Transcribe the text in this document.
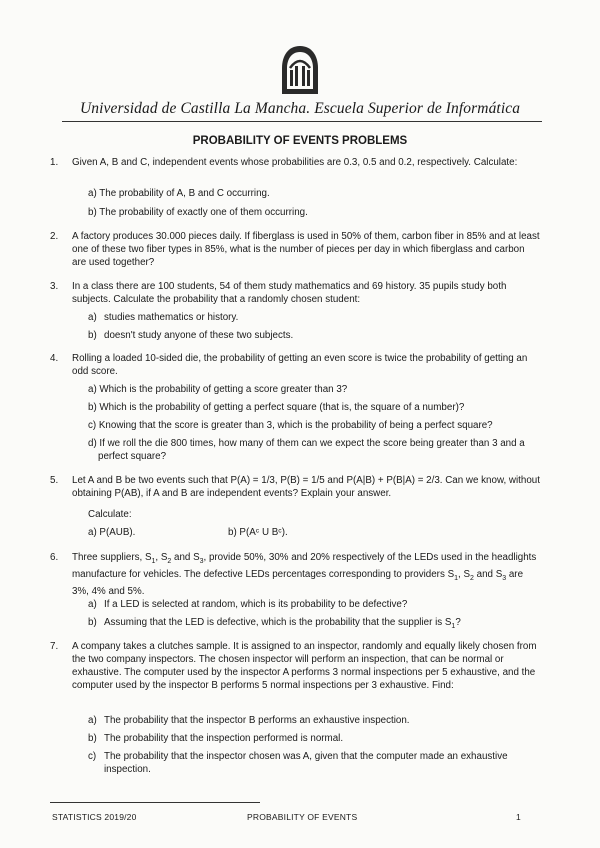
Universidad de Castilla La Mancha. Escuela Superior de Informática
PROBABILITY OF EVENTS PROBLEMS
1. Given A, B and C, independent events whose probabilities are 0.3, 0.5 and 0.2, respectively. Calculate:
a) The probability of A, B and C occurring.
b) The probability of exactly one of them occurring.
2. A factory produces 30.000 pieces daily. If fiberglass is used in 50% of them, carbon fiber in 85% and at least one of these two fiber types in 85%, what is the number of pieces per day in which fiberglass and carbon are used together?
3. In a class there are 100 students, 54 of them study mathematics and 69 history. 35 pupils study both subjects. Calculate the probability that a randomly chosen student:
a) studies mathematics or history.
b) doesn't study anyone of these two subjects.
4. Rolling a loaded 10-sided die, the probability of getting an even score is twice the probability of getting an odd score.
a) Which is the probability of getting a score greater than 3?
b) Which is the probability of getting a perfect square (that is, the square of a number)?
c) Knowing that the score is greater than 3, which is the probability of being a perfect square?
d) If we roll the die 800 times, how many of them can we expect the score being greater than 3 and a perfect square?
5. Let A and B be two events such that P(A) = 1/3, P(B) = 1/5 and P(A|B) + P(B|A) = 2/3. Can we know, without obtaining P(AB), if A and B are independent events? Explain your answer.
Calculate:
a) P(AUB).	b) P(Aᶜ U Bᶜ).
6. Three suppliers, $S_1$, $S_2$ and $S_3$, provide 50%, 30% and 20% respectively of the LEDs used in the headlights manufacture for vehicles. The defective LEDs percentages corresponding to providers $S_1$, $S_2$ and $S_3$ are 3%, 4% and 5%.
a) If a LED is selected at random, which is its probability to be defective?
b) Assuming that the LED is defective, which is the probability that the supplier is $S_1$?
7. A company takes a clutches sample. It is assigned to an inspector, randomly and equally likely chosen from the two company inspectors. The chosen inspector will perform an inspection, that can be normal or exhaustive. The computer used by the inspector A performs 3 normal inspections per 5 exhaustive, and the computer used by the inspector B performs 5 normal inspections per 3 exhaustive. Find:
a) The probability that the inspector B performs an exhaustive inspection.
b) The probability that the inspection performed is normal.
c) The probability that the inspector chosen was A, given that the computer made an exhaustive inspection.
STATISTICS 2019/20	PROBABILITY OF EVENTS	1
